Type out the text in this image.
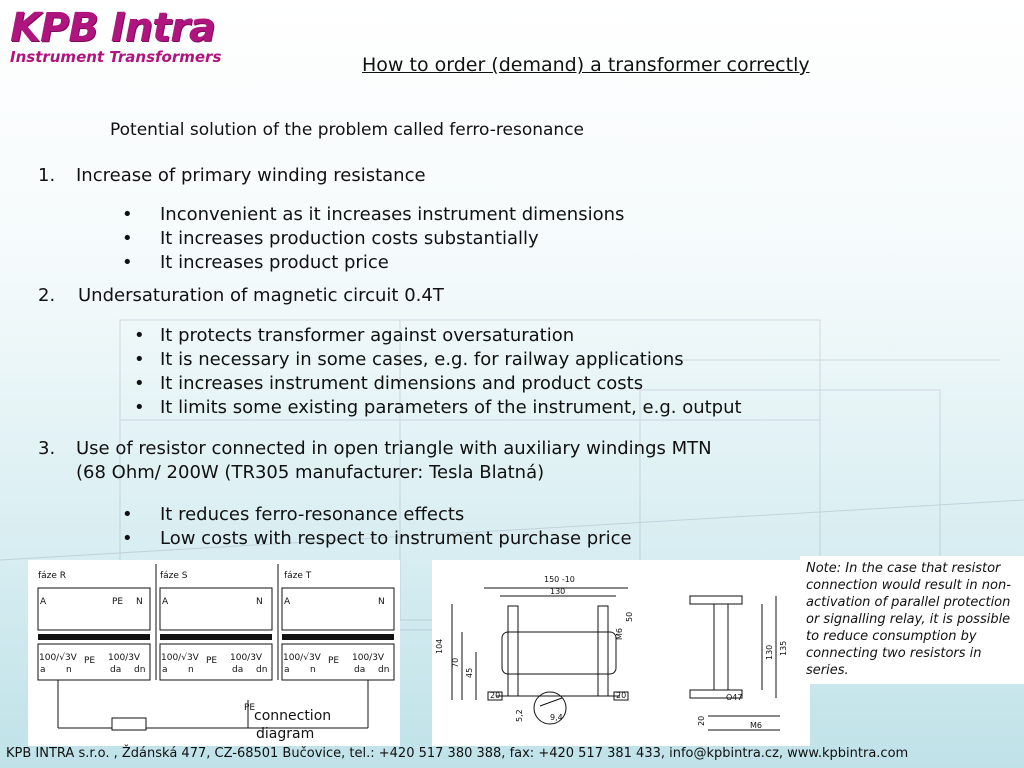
KPB Intra
Instrument Transformers	How to order (demand) a transformer correctly
Potential solution of the problem called ferro-resonance
1. Increase of primary winding resistance
• Inconvenient as it increases instrument dimensions
• It increases production costs substantially
• It increases product price
2. Undersaturation of magnetic circuit 0.4T
• It protects transformer against oversaturation
• It is necessary in some cases, e.g. for railway applications
• It increases instrument dimensions and product costs
• It limits some existing parameters of the instrument, e.g. output
3. Use of resistor connected in open triangle with auxiliary windings MTN
(68 Ohm/ 200W (TR305 manufacturer: Tesla Blatná)
• It reduces ferro-resonance effects
• Low costs with respect to instrument purchase price
fáze R	fáze S	fáze T
A	PE N A	N A	N
100/√3V	100/3V 100/√3V	100/3V 100/√3V	100/3V
PE	PE	PE
a n	da dn a n	da dn a n	da dn
PE
connection
diagram
150 -10
130
104
70
45
M6
50
20	20
5,2	9,4
O47
130 135
20	M6
Note: In the case that resistor connection would result in non-activation of parallel protection or signalling relay, it is possible to reduce consumption by connecting two resistors in series.
KPB INTRA s.r.o. , Ždánská 477, CZ-68501 Bučovice, tel.: +420 517 380 388, fax: +420 517 381 433, info@kpbintra.cz, www.kpbintra.com
